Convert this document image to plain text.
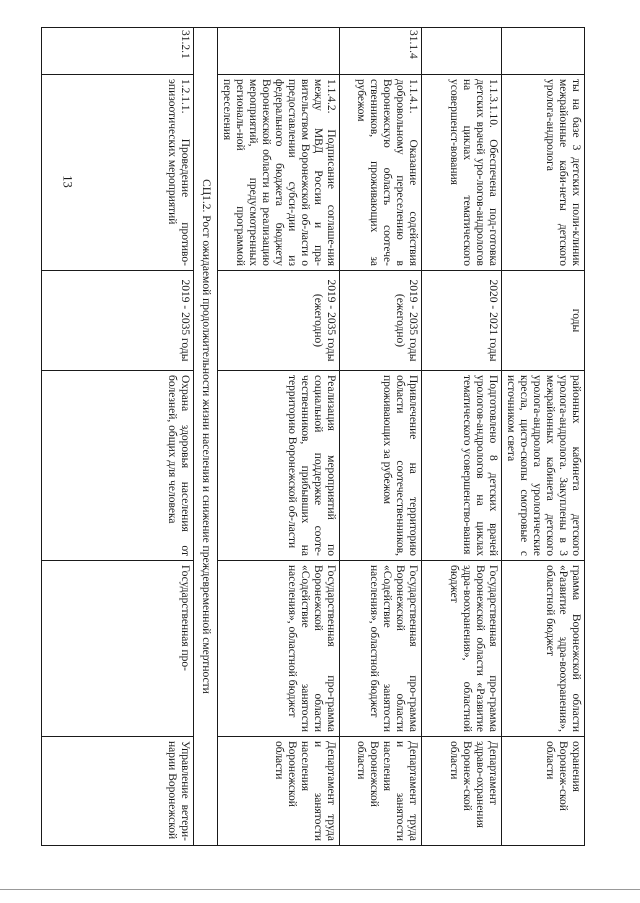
13
		ты на базе 3 детских поли-клиник межрайонные каби-неты детского уролога-андролога	годы	районных кабинета детского уролога-андролога. Закуплены в 3 межрайонных кабинета детского уролога-андролога урологические кресла, цисто-скопы смотровые с источником света	грамма Воронежской области «Развитие здра-воохранения», областной бюджет	охранения Воронеж-ской области
	1.1.3.1.10. Обеспеченa под-готовка детских врачей уро-логов-андрологов на циклах тематического усовершенст-вования	2020 - 2021 годы	Подготовлено 8 детских врачей урологов-андрологов на циклах тематического усовершенство-вания	Государственная про-грамма Воронежской области «Развитие здра-воохранения», областной бюджет	Департамент здраво-охранения Воронеж-ской области
31.1.4	1.1.4.1. Оказание содействия добровольному переселению в Воронежскую область соотече-ственников, проживающих за рубежом	2019 - 2035 годы (ежегодно)	Привлечение на территорию области соотечественников, проживающих за рубежом	Государственная про-грамма Воронежской области «Содействие занятости населения», областной бюджет	Департамент труда и занятости населения Воронежской области
	1.1.4.2. Подписание соглаше-ния между МВД России и пра-вительством Воронежской об-ласти о предоставлении субси-дии из федерального бюджета бюджету Воронежской области на реализацию мероприятий, предусмотренных региональ-ной программой переселения	2019 - 2035 годы (ежегодно)	Реализация мероприятий по социальной поддержке сооте-чественников, прибывших на территорию Воронежской об-ласти	Государственная про-грамма Воронежской области «Содействие занятости населения», областной бюджет	Департамент труда и занятости населения Воронежской области
СЦ1.2. Рост ожидаемой продолжительности жизни населения и снижение преждевременной смертности					
31.2.1	1.2.1.1. Проведение противо-эпизоотических мероприятий	2019 - 2035 годы	Охрана здоровья населения от болезней, общих для человека	Государственная про-	Управление ветери-нарии Воронежской
